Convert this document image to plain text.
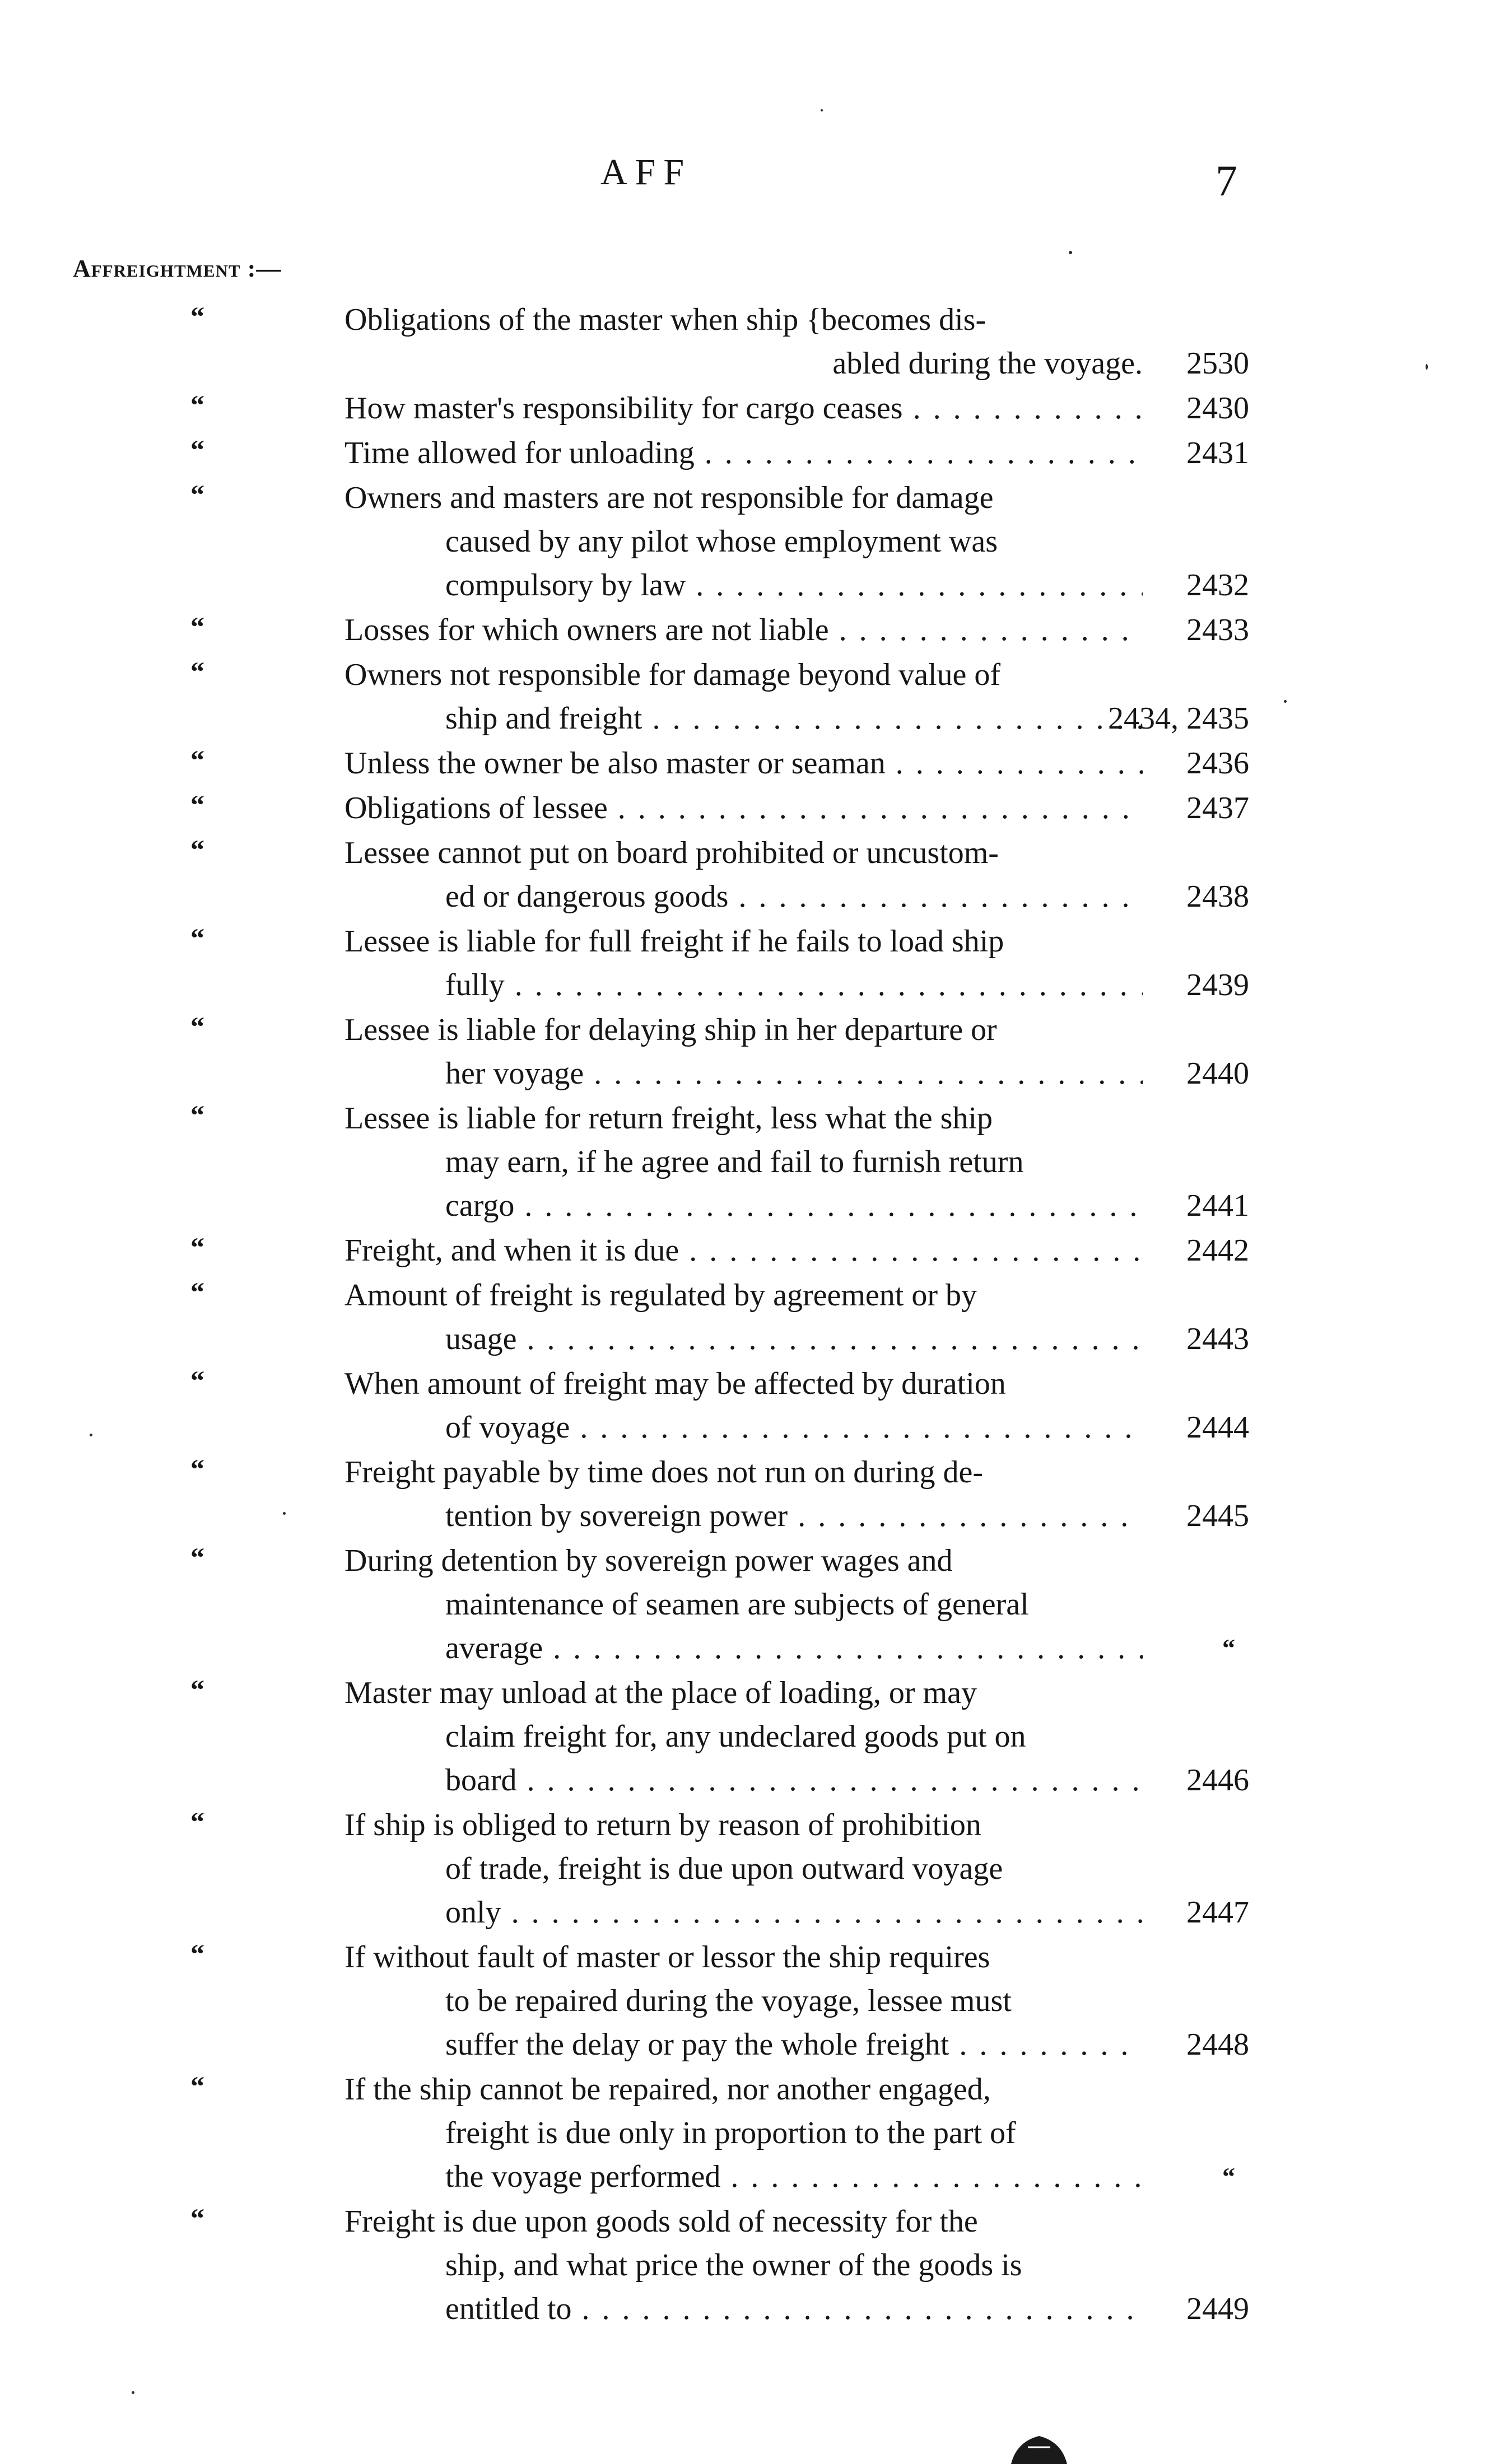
AFF	7
Affreightment :—
“	Obligations of the master when ship {becomes dis-
abled during the voyage. 2530
“	How master's responsibility for cargo ceases . . .	2430
“	Time allowed for unloading . . .	2431
“	Owners and masters are not responsible for damage
caused by any pilot whose employment was
compulsory by law . . .	2432
“	Losses for which owners are not liable . . .	2433
“	Owners not responsible for damage beyond value of
ship and freight . . .	2434, 2435
“	Unless the owner be also master or seaman . . .	2436
“	Obligations of lessee . . .	2437
“	Lessee cannot put on board prohibited or uncustom-
ed or dangerous goods . . .	2438
“	Lessee is liable for full freight if he fails to load ship
fully . . .	2439
“	Lessee is liable for delaying ship in her departure or
her voyage . . .	2440
“	Lessee is liable for return freight, less what the ship
may earn, if he agree and fail to furnish return
cargo . . .	2441
“	Freight, and when it is due . . .	2442
“	Amount of freight is regulated by agreement or by
usage . . .	2443
“	When amount of freight may be affected by duration
of voyage . . .	2444
“	Freight payable by time does not run on during de-
tention by sovereign power . . .	2445
“	During detention by sovereign power wages and
maintenance of seamen are subjects of general
average . . .	“
“	Master may unload at the place of loading, or may
claim freight for, any undeclared goods put on
board . . .	2446
“	If ship is obliged to return by reason of prohibition
of trade, freight is due upon outward voyage
only . . .	2447
“	If without fault of master or lessor the ship requires
to be repaired during the voyage, lessee must
suffer the delay or pay the whole freight . . .	2448
“	If the ship cannot be repaired, nor another engaged,
freight is due only in proportion to the part of
the voyage performed . . .	“
“	Freight is due upon goods sold of necessity for the
ship, and what price the owner of the goods is
entitled to . . .	2449
